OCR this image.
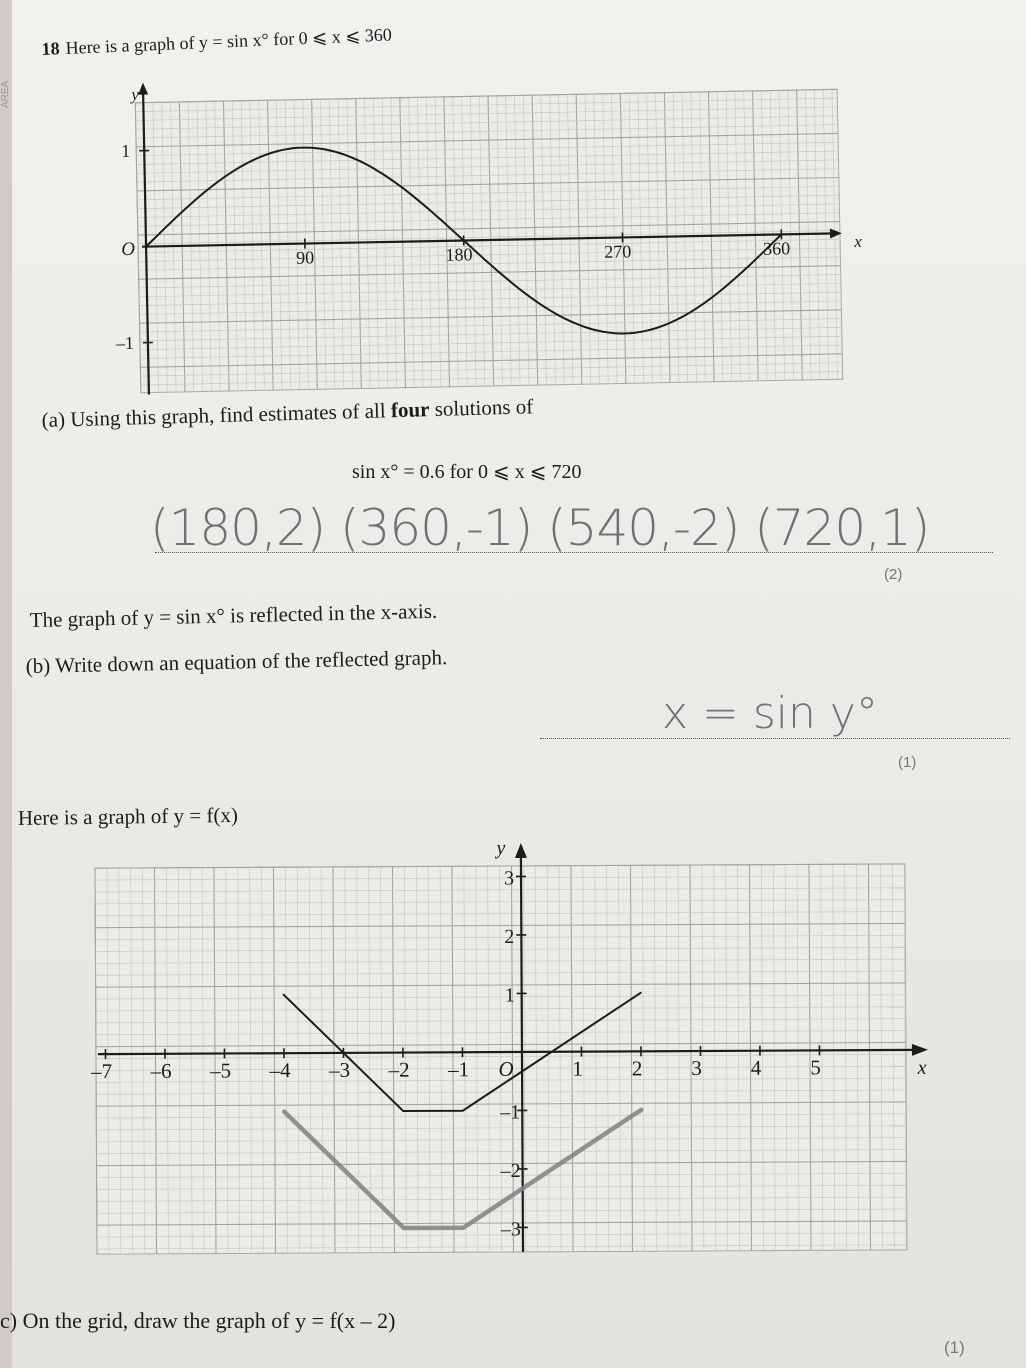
AREA
18 Here is a graph of y = sin x° for 0 ⩽ x ⩽ 360
y
x
O	90	180	270	360
–1
1
(a) Using this graph, find estimates of all four solutions of
sin x° = 0.6 for 0 ⩽ x ⩽ 720
(180,2) (360,-1) (540,-2) (720,1)
(2)
The graph of y = sin x° is reflected in the x-axis.
(b) Write down an equation of the reflected graph.
x = sin y°
(1)
Here is a graph of y = f(x)
y
x
O
–7 –6 –5 –4 –3 –2 –1	1 2 3 4 5
3
2
1
–1
–2
–3
c) On the grid, draw the graph of y = f(x – 2)
(1)
